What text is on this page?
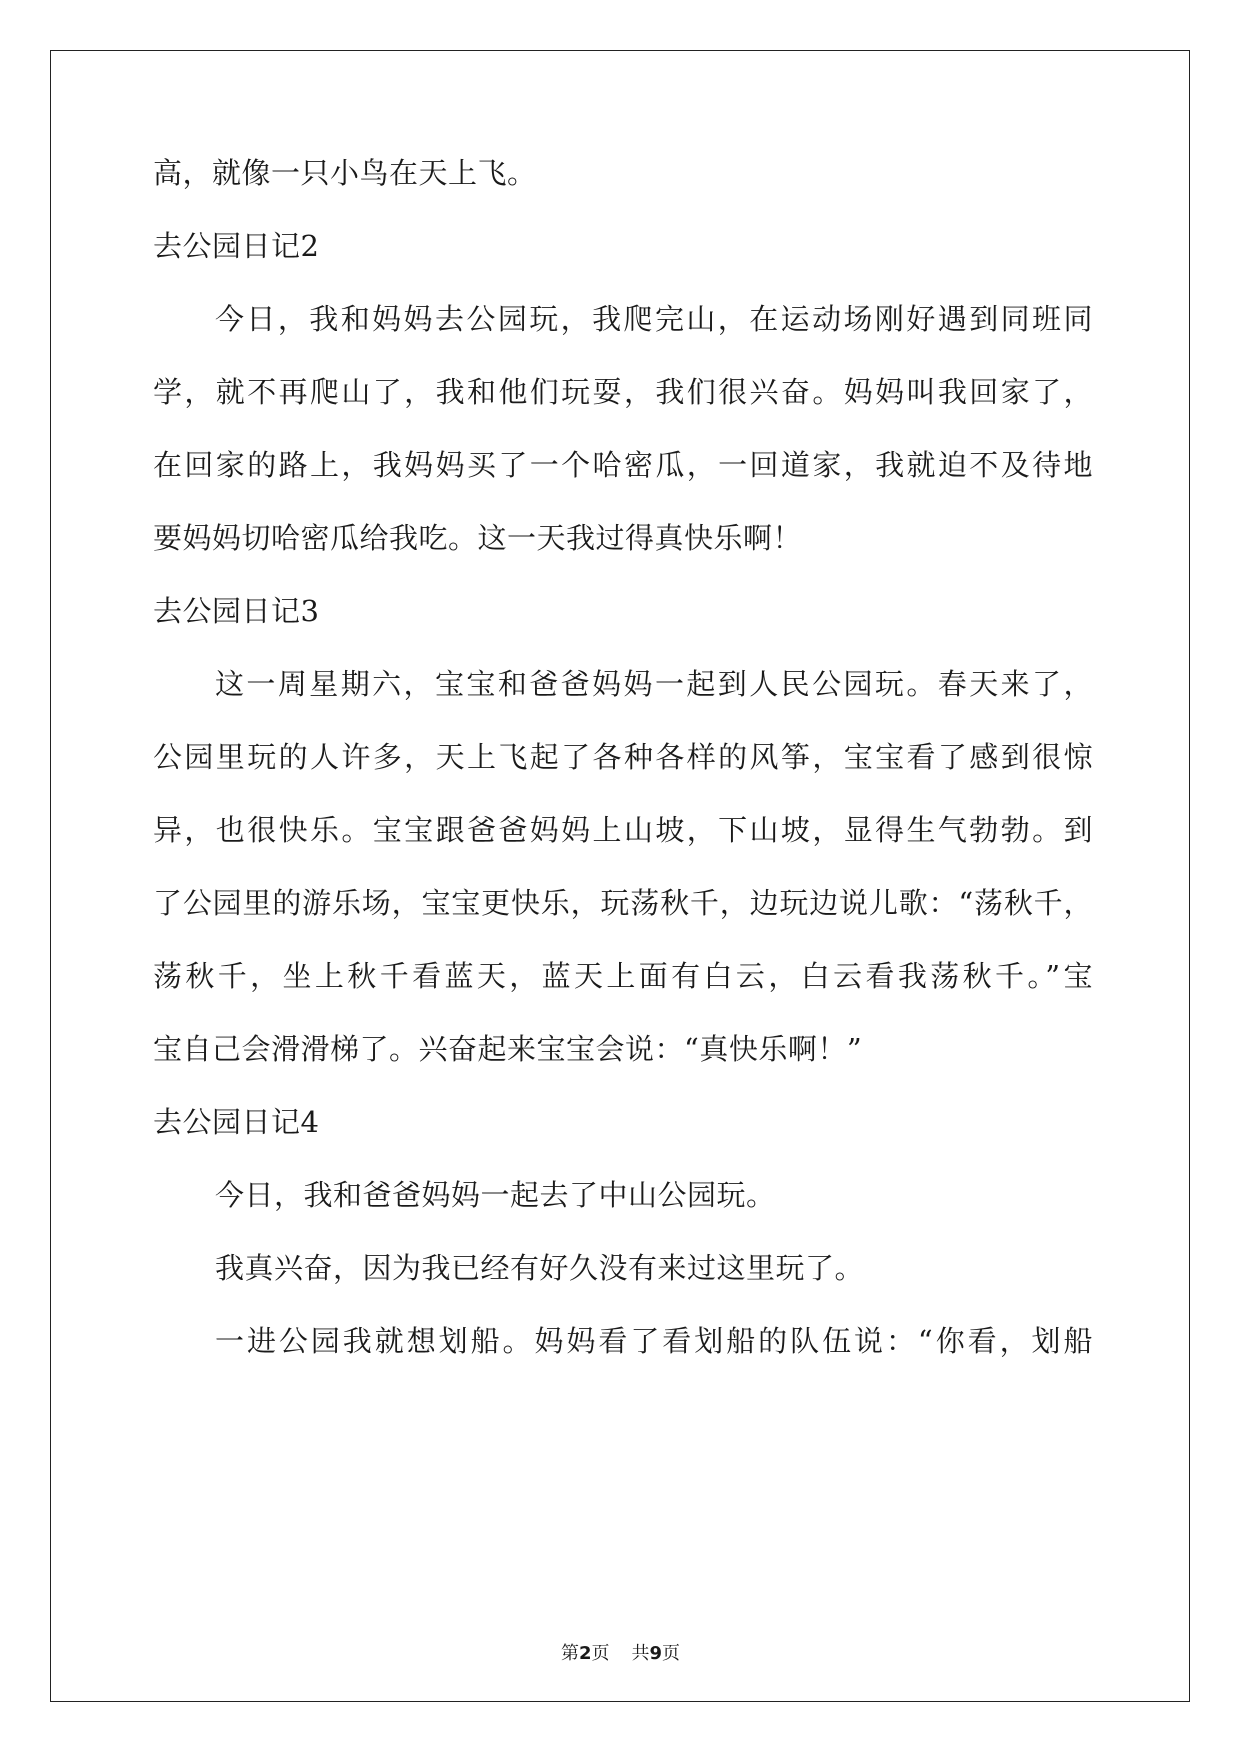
高，就像一只小鸟在天上飞。
去公园日记2
今日，我和妈妈去公园玩，我爬完山，在运动场刚好遇到同班同
学，就不再爬山了，我和他们玩耍，我们很兴奋。妈妈叫我回家了，
在回家的路上，我妈妈买了一个哈密瓜，一回道家，我就迫不及待地
要妈妈切哈密瓜给我吃。这一天我过得真快乐啊！
去公园日记3
这一周星期六，宝宝和爸爸妈妈一起到人民公园玩。春天来了，
公园里玩的人许多，天上飞起了各种各样的风筝，宝宝看了感到很惊
异，也很快乐。宝宝跟爸爸妈妈上山坡，下山坡，显得生气勃勃。到
了公园里的游乐场，宝宝更快乐，玩荡秋千，边玩边说儿歌：“荡秋千，
荡秋千，坐上秋千看蓝天，蓝天上面有白云，白云看我荡秋千。”宝
宝自己会滑滑梯了。兴奋起来宝宝会说：“真快乐啊！”
去公园日记4
今日，我和爸爸妈妈一起去了中山公园玩。
我真兴奋，因为我已经有好久没有来过这里玩了。
一进公园我就想划船。妈妈看了看划船的队伍说：“你看，划船
第2页 共9页
